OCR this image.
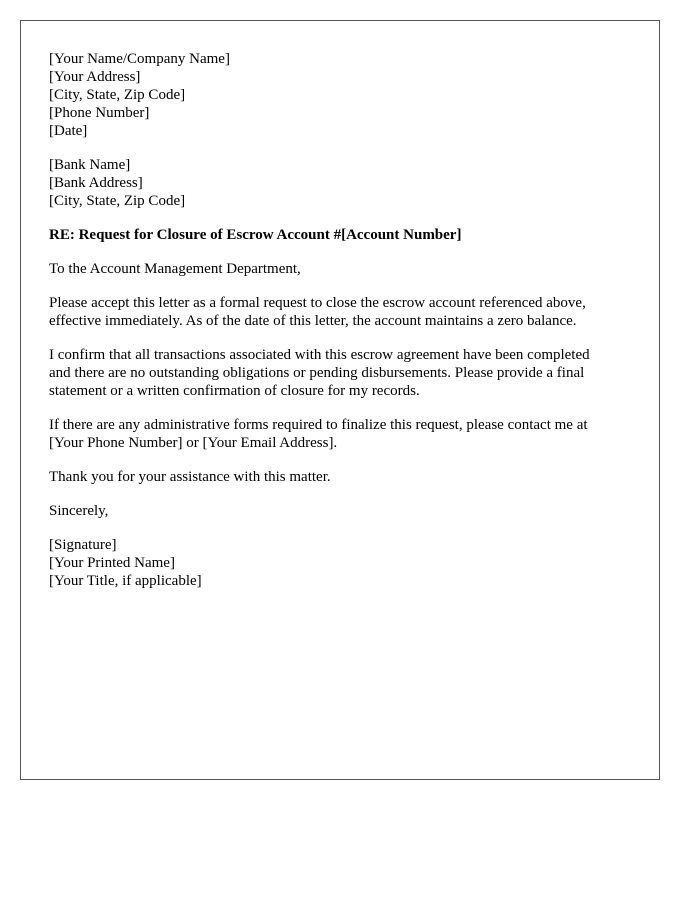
[Your Name/Company Name]
[Your Address]
[City, State, Zip Code]
[Phone Number]
[Date]
[Bank Name]
[Bank Address]
[City, State, Zip Code]
RE: Request for Closure of Escrow Account #[Account Number]
To the Account Management Department,
Please accept this letter as a formal request to close the escrow account referenced above,
effective immediately. As of the date of this letter, the account maintains a zero balance.
I confirm that all transactions associated with this escrow agreement have been completed
and there are no outstanding obligations or pending disbursements. Please provide a final
statement or a written confirmation of closure for my records.
If there are any administrative forms required to finalize this request, please contact me at
[Your Phone Number] or [Your Email Address].
Thank you for your assistance with this matter.
Sincerely,
[Signature]
[Your Printed Name]
[Your Title, if applicable]
